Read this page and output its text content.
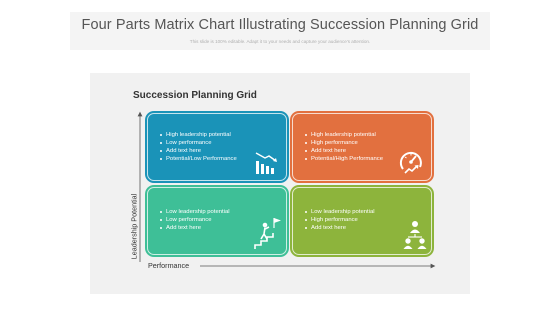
Four Parts Matrix Chart Illustrating Succession Planning Grid
This slide is 100% editable. Adapt it to your needs and capture your audience's attention.
Succession Planning Grid
Leadership Potential
Performance
High leadership potential
Low performance
Add text here
Potential/Low Performance
High leadership potential
High performance
Add text here
Potential/High Performance
Low leadership potential
Low performance
Add text here
Low leadership potential
High performance
Add text here
